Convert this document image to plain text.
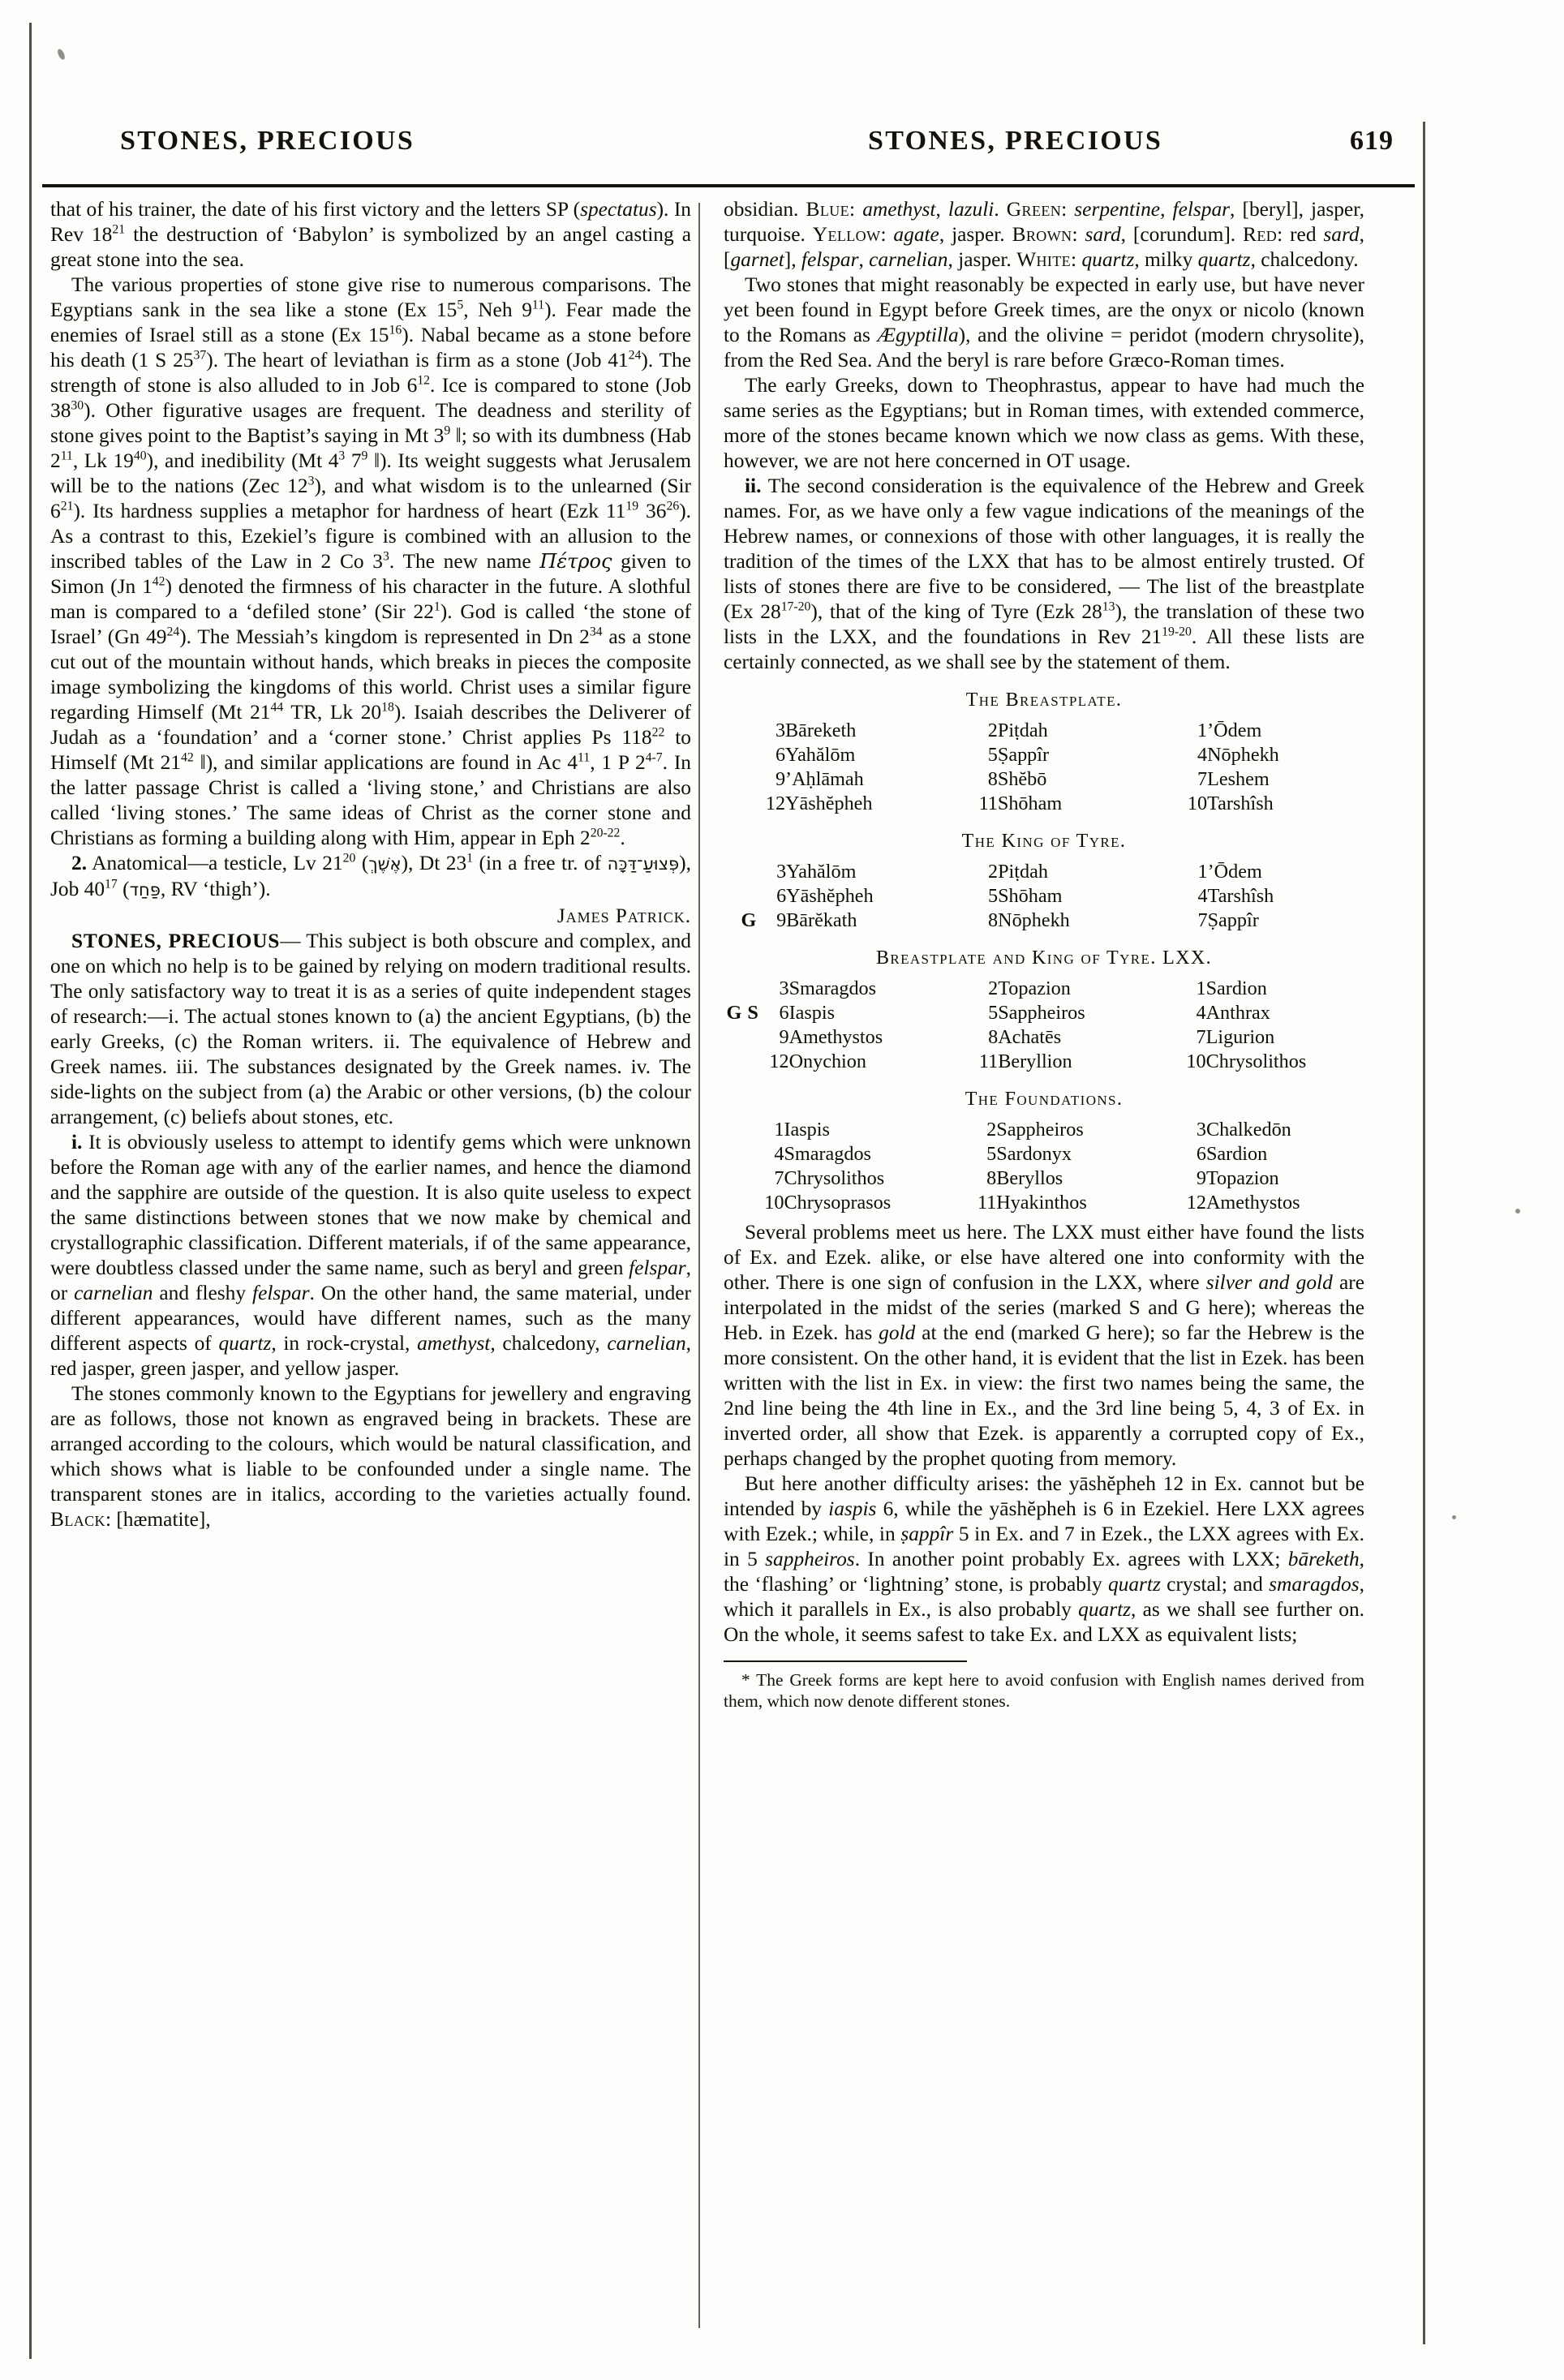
STONES, PRECIOUS	STONES, PRECIOUS	619

that of his trainer, the date of his first victory and the letters SP (spectatus). In Rev $18^{21}$ the destruction of ‘Babylon’ is symbolized by an angel casting a great stone into the sea.

The various properties of stone give rise to numerous comparisons. The Egyptians sank in the sea like a stone (Ex $15^5$, Neh $9^{11}$). Fear made the enemies of Israel still as a stone (Ex $15^{16}$). Nabal became as a stone before his death (1 S $25^{37}$). The heart of leviathan is firm as a stone (Job $41^{24}$). The strength of stone is also alluded to in Job $6^{12}$. Ice is compared to stone (Job $38^{30}$). Other figurative usages are frequent. The deadness and sterility of stone gives point to the Baptist’s saying in Mt $3^9$ ‖; so with its dumbness (Hab $2^{11}$, Lk $19^{40}$), and inedibility (Mt $4^3$ $7^9$ ‖). Its weight suggests what Jerusalem will be to the nations (Zec $12^3$), and what wisdom is to the unlearned (Sir $6^{21}$). Its hardness supplies a metaphor for hardness of heart (Ezk $11^{19}$ $36^{26}$). As a contrast to this, Ezekiel’s figure is combined with an allusion to the inscribed tables of the Law in 2 Co $3^3$. The new name Πέτρος given to Simon (Jn $1^{42}$) denoted the firmness of his character in the future. A slothful man is compared to a ‘defiled stone’ (Sir $22^1$). God is called ‘the stone of Israel’ (Gn $49^{24}$). The Messiah’s kingdom is represented in Dn $2^{34}$ as a stone cut out of the mountain without hands, which breaks in pieces the composite image symbolizing the kingdoms of this world. Christ uses a similar figure regarding Himself (Mt $21^{44}$ TR, Lk $20^{18}$). Isaiah describes the Deliverer of Judah as a ‘foundation’ and a ‘corner stone.’ Christ applies Ps $118^{22}$ to Himself (Mt $21^{42}$ ‖), and similar applications are found in Ac $4^{11}$, 1 P 2$^{4-7}$. In the latter passage Christ is called a ‘living stone,’ and Christians are also called ‘living stones.’ The same ideas of Christ as the corner stone and Christians as forming a building along with Him, appear in Eph 2$^{20-22}$.

2. Anatomical—a testicle, Lv $21^{20}$ (אֶשֶׁךְ), Dt $23^1$ (in a free tr. of פְּצוּעַ־דַּכָּה), Job $40^{17}$ (פַּחַד, RV ‘thigh’).

James Patrick.

STONES, PRECIOUS— This subject is both obscure and complex, and one on which no help is to be gained by relying on modern traditional results. The only satisfactory way to treat it is as a series of quite independent stages of research:—i. The actual stones known to (a) the ancient Egyptians, (b) the early Greeks, (c) the Roman writers. ii. The equivalence of Hebrew and Greek names. iii. The substances designated by the Greek names. iv. The side-lights on the subject from (a) the Arabic or other versions, (b) the colour arrangement, (c) beliefs about stones, etc.

i. It is obviously useless to attempt to identify gems which were unknown before the Roman age with any of the earlier names, and hence the diamond and the sapphire are outside of the question. It is also quite useless to expect the same distinctions between stones that we now make by chemical and crystallographic classification. Different materials, if of the same appearance, were doubtless classed under the same name, such as beryl and green felspar, or carnelian and fleshy felspar. On the other hand, the same material, under different appearances, would have different names, such as the many different aspects of quartz, in rock-crystal, amethyst, chalcedony, carnelian, red jasper, green jasper, and yellow jasper.

The stones commonly known to the Egyptians for jewellery and engraving are as follows, those not known as engraved being in brackets. These are arranged according to the colours, which would be natural classification, and which shows what is liable to be confounded under a single name. The transparent stones are in italics, according to the varieties actually found. Black: [hæmatite],

obsidian. Blue: amethyst, lazuli. Green: serpentine, felspar, [beryl], jasper, turquoise. Yellow: agate, jasper. Brown: sard, [corundum]. Red: red sard, [garnet], felspar, carnelian, jasper. White: quartz, milky quartz, chalcedony.

Two stones that might reasonably be expected in early use, but have never yet been found in Egypt before Greek times, are the onyx or nicolo (known to the Romans as Ægyptilla), and the olivine = peridot (modern chrysolite), from the Red Sea. And the beryl is rare before Græco-Roman times.

The early Greeks, down to Theophrastus, appear to have had much the same series as the Egyptians; but in Roman times, with extended commerce, more of the stones became known which we now class as gems. With these, however, we are not here concerned in OT usage.

ii. The second consideration is the equivalence of the Hebrew and Greek names. For, as we have only a few vague indications of the meanings of the Hebrew names, or connexions of those with other languages, it is really the tradition of the times of the LXX that has to be almost entirely trusted. Of lists of stones there are five to be considered, — The list of the breastplate (Ex 28$^{17-20}$), that of the king of Tyre (Ezk $28^{13}$), the translation of these two lists in the LXX, and the foundations in Rev 21$^{19-20}$. All these lists are certainly connected, as we shall see by the statement of them.

The Breastplate.
	3	Bāreketh		2	Piṭdah		1	’Ōdem
	6	Yahălōm		5	Ṣappîr		4	Nōphekh
	9	’Aḥlāmah		8	Shĕbō		7	Leshem
	12	Yāshĕpheh		11	Shōham		10	Tarshîsh
The King of Tyre.
	3	Yahălōm		2	Piṭdah		1	’Ōdem
	6	Yāshĕpheh		5	Shōham		4	Tarshîsh
G	9	Bārĕkath		8	Nōphekh		7	Ṣappîr
Breastplate and King of Tyre. LXX.
	3	Smaragdos		2	Topazion		1	Sardion
G S	6	Iaspis		5	Sappheiros		4	Anthrax
	9	Amethystos		8	Achatēs		7	Ligurion
	12	Onychion		11	Beryllion		10	Chrysolithos
The Foundations.
	1	Iaspis		2	Sappheiros		3	Chalkedōn
	4	Smaragdos		5	Sardonyx		6	Sardion
	7	Chrysolithos		8	Beryllos		9	Topazion
	10	Chrysoprasos		11	Hyakinthos		12	Amethystos

Several problems meet us here. The LXX must either have found the lists of Ex. and Ezek. alike, or else have altered one into conformity with the other. There is one sign of confusion in the LXX, where silver and gold are interpolated in the midst of the series (marked S and G here); whereas the Heb. in Ezek. has gold at the end (marked G here); so far the Hebrew is the more consistent. On the other hand, it is evident that the list in Ezek. has been written with the list in Ex. in view: the first two names being the same, the 2nd line being the 4th line in Ex., and the 3rd line being 5, 4, 3 of Ex. in inverted order, all show that Ezek. is apparently a corrupted copy of Ex., perhaps changed by the prophet quoting from memory.

But here another difficulty arises: the yāshĕpheh 12 in Ex. cannot but be intended by iaspis 6, while the yāshĕpheh is 6 in Ezekiel. Here LXX agrees with Ezek.; while, in ṣappîr 5 in Ex. and 7 in Ezek., the LXX agrees with Ex. in 5 sappheiros. In another point probably Ex. agrees with LXX; bāreketh, the ‘flashing’ or ‘lightning’ stone, is probably quartz crystal; and smaragdos, which it parallels in Ex., is also probably quartz, as we shall see further on. On the whole, it seems safest to take Ex. and LXX as equivalent lists;

* The Greek forms are kept here to avoid confusion with English names derived from them, which now denote different stones.
